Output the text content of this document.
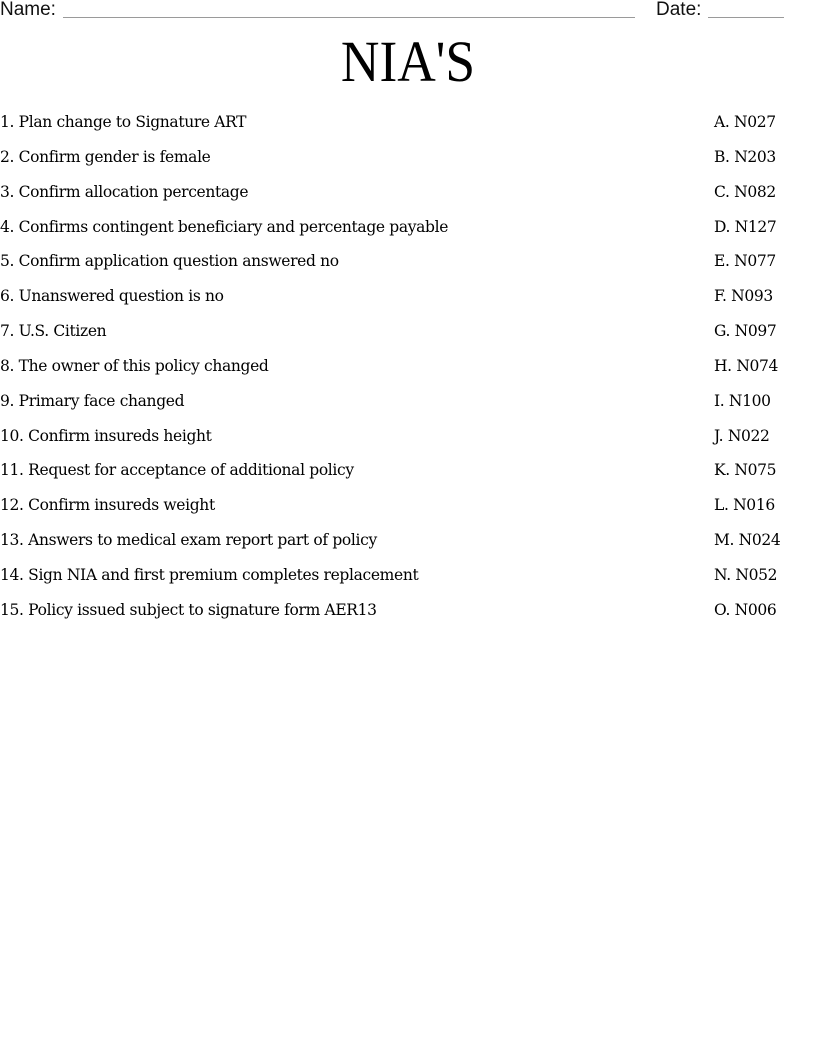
Name:	Date:
NIA'S
1. Plan change to Signature ART	A. N027
2. Confirm gender is female	B. N203
3. Confirm allocation percentage	C. N082
4. Confirms contingent beneficiary and percentage payable	D. N127
5. Confirm application question answered no	E. N077
6. Unanswered question is no	F. N093
7. U.S. Citizen	G. N097
8. The owner of this policy changed	H. N074
9. Primary face changed	I. N100
10. Confirm insureds height	J. N022
11. Request for acceptance of additional policy	K. N075
12. Confirm insureds weight	L. N016
13. Answers to medical exam report part of policy	M. N024
14. Sign NIA and first premium completes replacement	N. N052
15. Policy issued subject to signature form AER13	O. N006
